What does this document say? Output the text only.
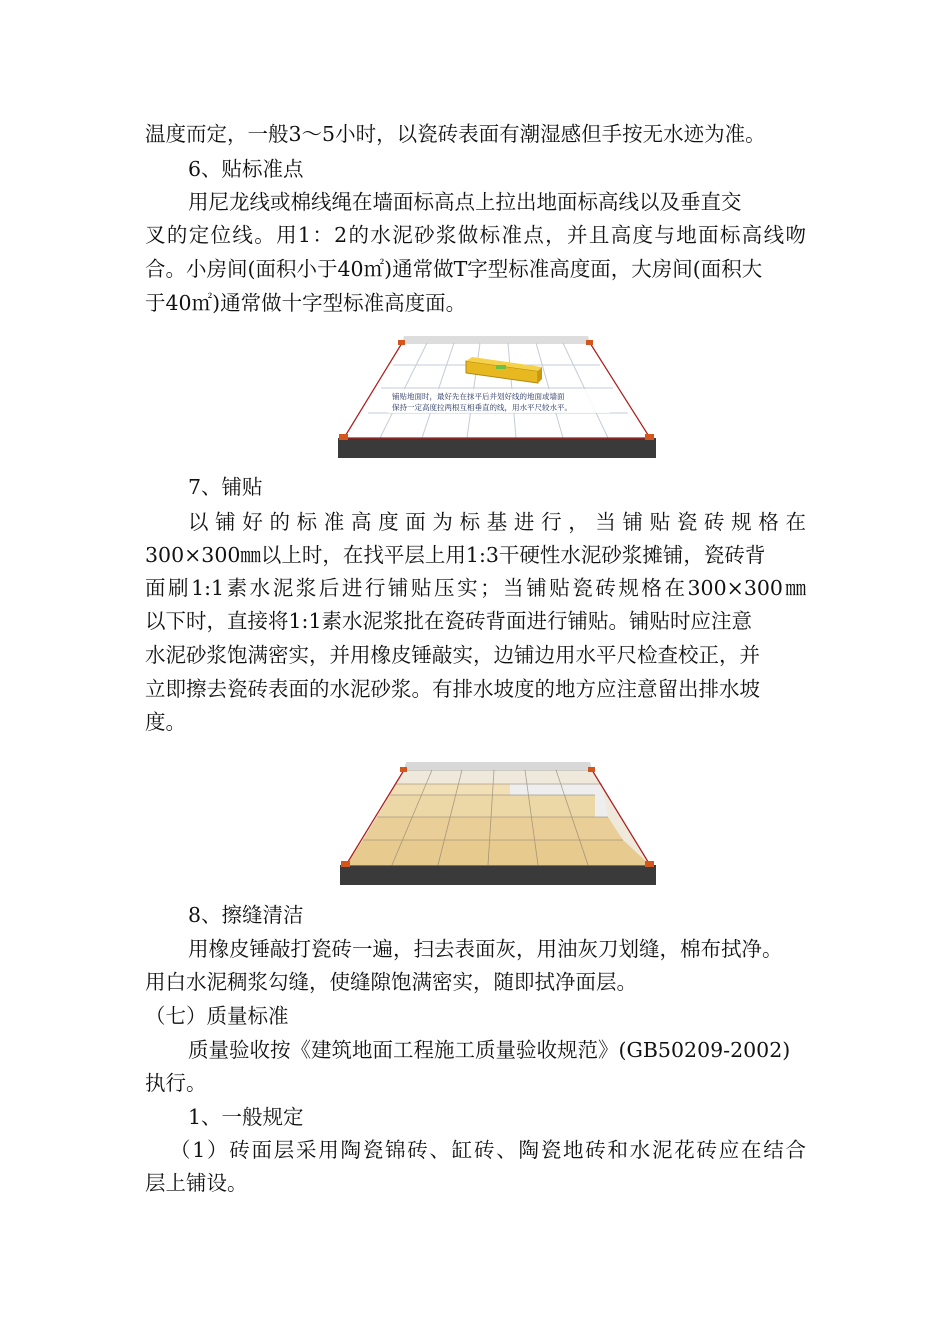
温度而定，一般3～5小时，以瓷砖表面有潮湿感但手按无水迹为准。
6、贴标准点
用尼龙线或棉线绳在墙面标高点上拉出地面标高线以及垂直交
叉的定位线。用1：2的水泥砂浆做标准点，并且高度与地面标高线吻
合。小房间(面积小于40㎡)通常做T字型标准高度面，大房间(面积大
于40㎡)通常做十字型标准高度面。
铺贴地面时，最好先在抹平后并划好线的地面或墙面
保持一定高度拉两根互相垂直的线，用水平尺较水平。
7、铺贴
以铺好的标准高度面为标基进行，当铺贴瓷砖规格在
300×300㎜以上时，在找平层上用1:3干硬性水泥砂浆摊铺，瓷砖背
面刷1:1素水泥浆后进行铺贴压实；当铺贴瓷砖规格在300×300㎜
以下时，直接将1:1素水泥浆批在瓷砖背面进行铺贴。铺贴时应注意
水泥砂浆饱满密实，并用橡皮锤敲实，边铺边用水平尺检查校正，并
立即擦去瓷砖表面的水泥砂浆。有排水坡度的地方应注意留出排水坡
度。
8、擦缝清洁
用橡皮锤敲打瓷砖一遍，扫去表面灰，用油灰刀划缝，棉布拭净。
用白水泥稠浆勾缝，使缝隙饱满密实，随即拭净面层。
（七）质量标准
质量验收按《建筑地面工程施工质量验收规范》(GB50209-2002)
执行。
1、一般规定
（1）砖面层采用陶瓷锦砖、缸砖、陶瓷地砖和水泥花砖应在结合
层上铺设。
